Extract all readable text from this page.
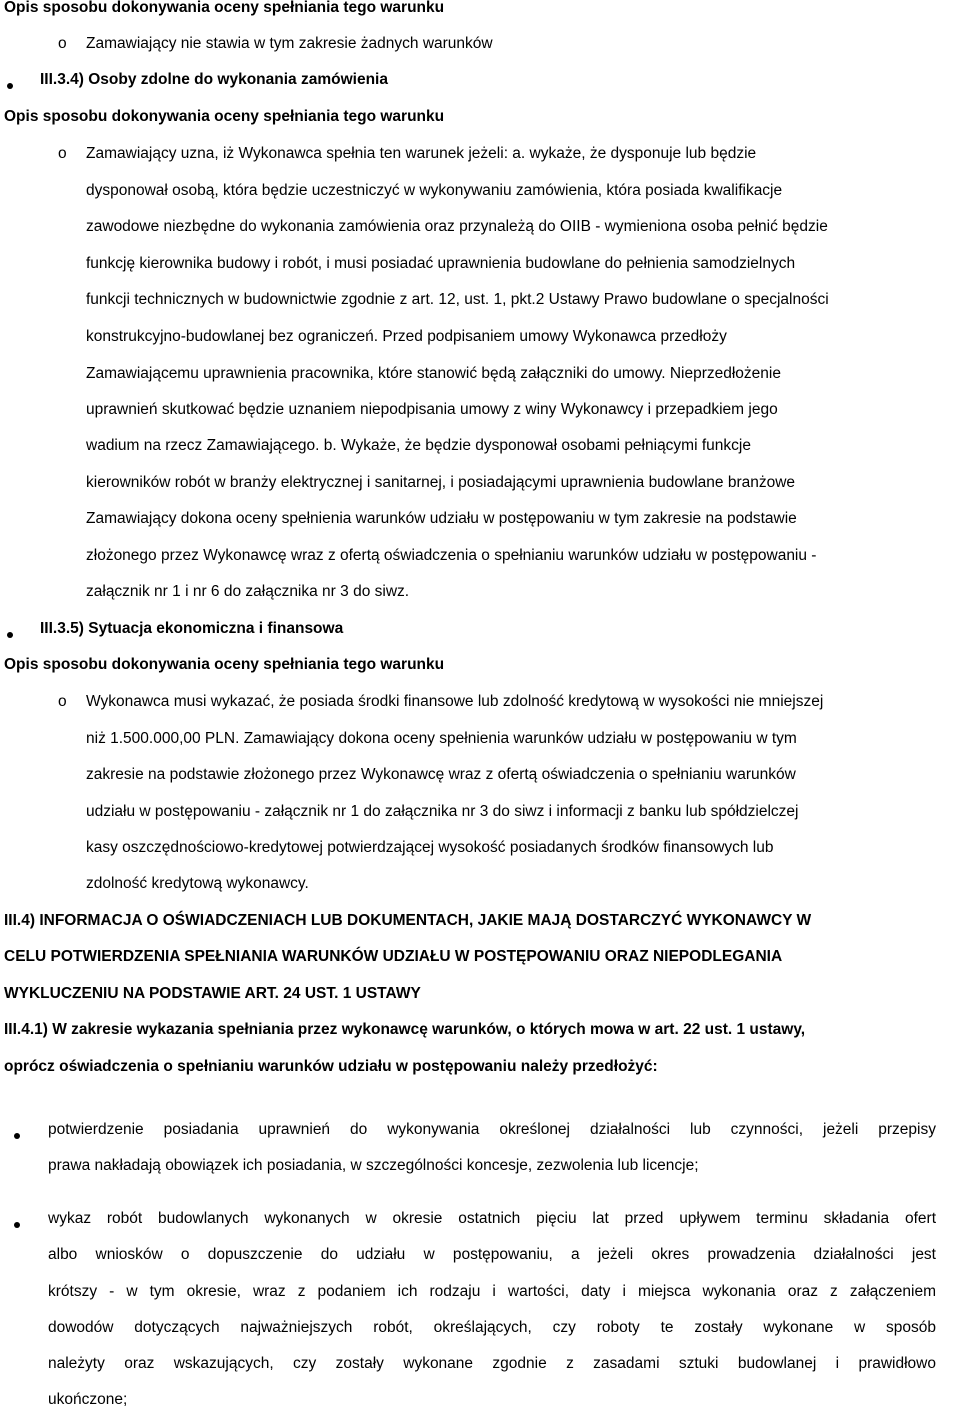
Opis sposobu dokonywania oceny spełniania tego warunku
o Zamawiający nie stawia w tym zakresie żadnych warunków
III.3.4) Osoby zdolne do wykonania zamówienia
Opis sposobu dokonywania oceny spełniania tego warunku
o Zamawiający uzna, iż Wykonawca spełnia ten warunek jeżeli: a. wykaże, że dysponuje lub będzie
dysponował osobą, która będzie uczestniczyć w wykonywaniu zamówienia, która posiada kwalifikacje
zawodowe niezbędne do wykonania zamówienia oraz przynależą do OIIB - wymieniona osoba pełnić będzie
funkcję kierownika budowy i robót, i musi posiadać uprawnienia budowlane do pełnienia samodzielnych
funkcji technicznych w budownictwie zgodnie z art. 12, ust. 1, pkt.2 Ustawy Prawo budowlane o specjalności
konstrukcyjno-budowlanej bez ograniczeń. Przed podpisaniem umowy Wykonawca przedłoży
Zamawiającemu uprawnienia pracownika, które stanowić będą załączniki do umowy. Nieprzedłożenie
uprawnień skutkować będzie uznaniem niepodpisania umowy z winy Wykonawcy i przepadkiem jego
wadium na rzecz Zamawiającego. b. Wykaże, że będzie dysponował osobami pełniącymi funkcje
kierowników robót w branży elektrycznej i sanitarnej, i posiadającymi uprawnienia budowlane branżowe
Zamawiający dokona oceny spełnienia warunków udziału w postępowaniu w tym zakresie na podstawie
złożonego przez Wykonawcę wraz z ofertą oświadczenia o spełnianiu warunków udziału w postępowaniu -
załącznik nr 1 i nr 6 do załącznika nr 3 do siwz.
III.3.5) Sytuacja ekonomiczna i finansowa
Opis sposobu dokonywania oceny spełniania tego warunku
o Wykonawca musi wykazać, że posiada środki finansowe lub zdolność kredytową w wysokości nie mniejszej
niż 1.500.000,00 PLN. Zamawiający dokona oceny spełnienia warunków udziału w postępowaniu w tym
zakresie na podstawie złożonego przez Wykonawcę wraz z ofertą oświadczenia o spełnianiu warunków
udziału w postępowaniu - załącznik nr 1 do załącznika nr 3 do siwz i informacji z banku lub spółdzielczej
kasy oszczędnościowo-kredytowej potwierdzającej wysokość posiadanych środków finansowych lub
zdolność kredytową wykonawcy.
III.4) INFORMACJA O OŚWIADCZENIACH LUB DOKUMENTACH, JAKIE MAJĄ DOSTARCZYĆ WYKONAWCY W
CELU POTWIERDZENIA SPEŁNIANIA WARUNKÓW UDZIAŁU W POSTĘPOWANIU ORAZ NIEPODLEGANIA
WYKLUCZENIU NA PODSTAWIE ART. 24 UST. 1 USTAWY
III.4.1) W zakresie wykazania spełniania przez wykonawcę warunków, o których mowa w art. 22 ust. 1 ustawy,
oprócz oświadczenia o spełnianiu warunków udziału w postępowaniu należy przedłożyć:
potwierdzenie posiadania uprawnień do wykonywania określonej działalności lub czynności, jeżeli przepisy
prawa nakładają obowiązek ich posiadania, w szczególności koncesje, zezwolenia lub licencje;
wykaz robót budowlanych wykonanych w okresie ostatnich pięciu lat przed upływem terminu składania ofert
albo wniosków o dopuszczenie do udziału w postępowaniu, a jeżeli okres prowadzenia działalności jest
krótszy - w tym okresie, wraz z podaniem ich rodzaju i wartości, daty i miejsca wykonania oraz z załączeniem
dowodów dotyczących najważniejszych robót, określających, czy roboty te zostały wykonane w sposób
należyty oraz wskazujących, czy zostały wykonane zgodnie z zasadami sztuki budowlanej i prawidłowo
ukończone;
